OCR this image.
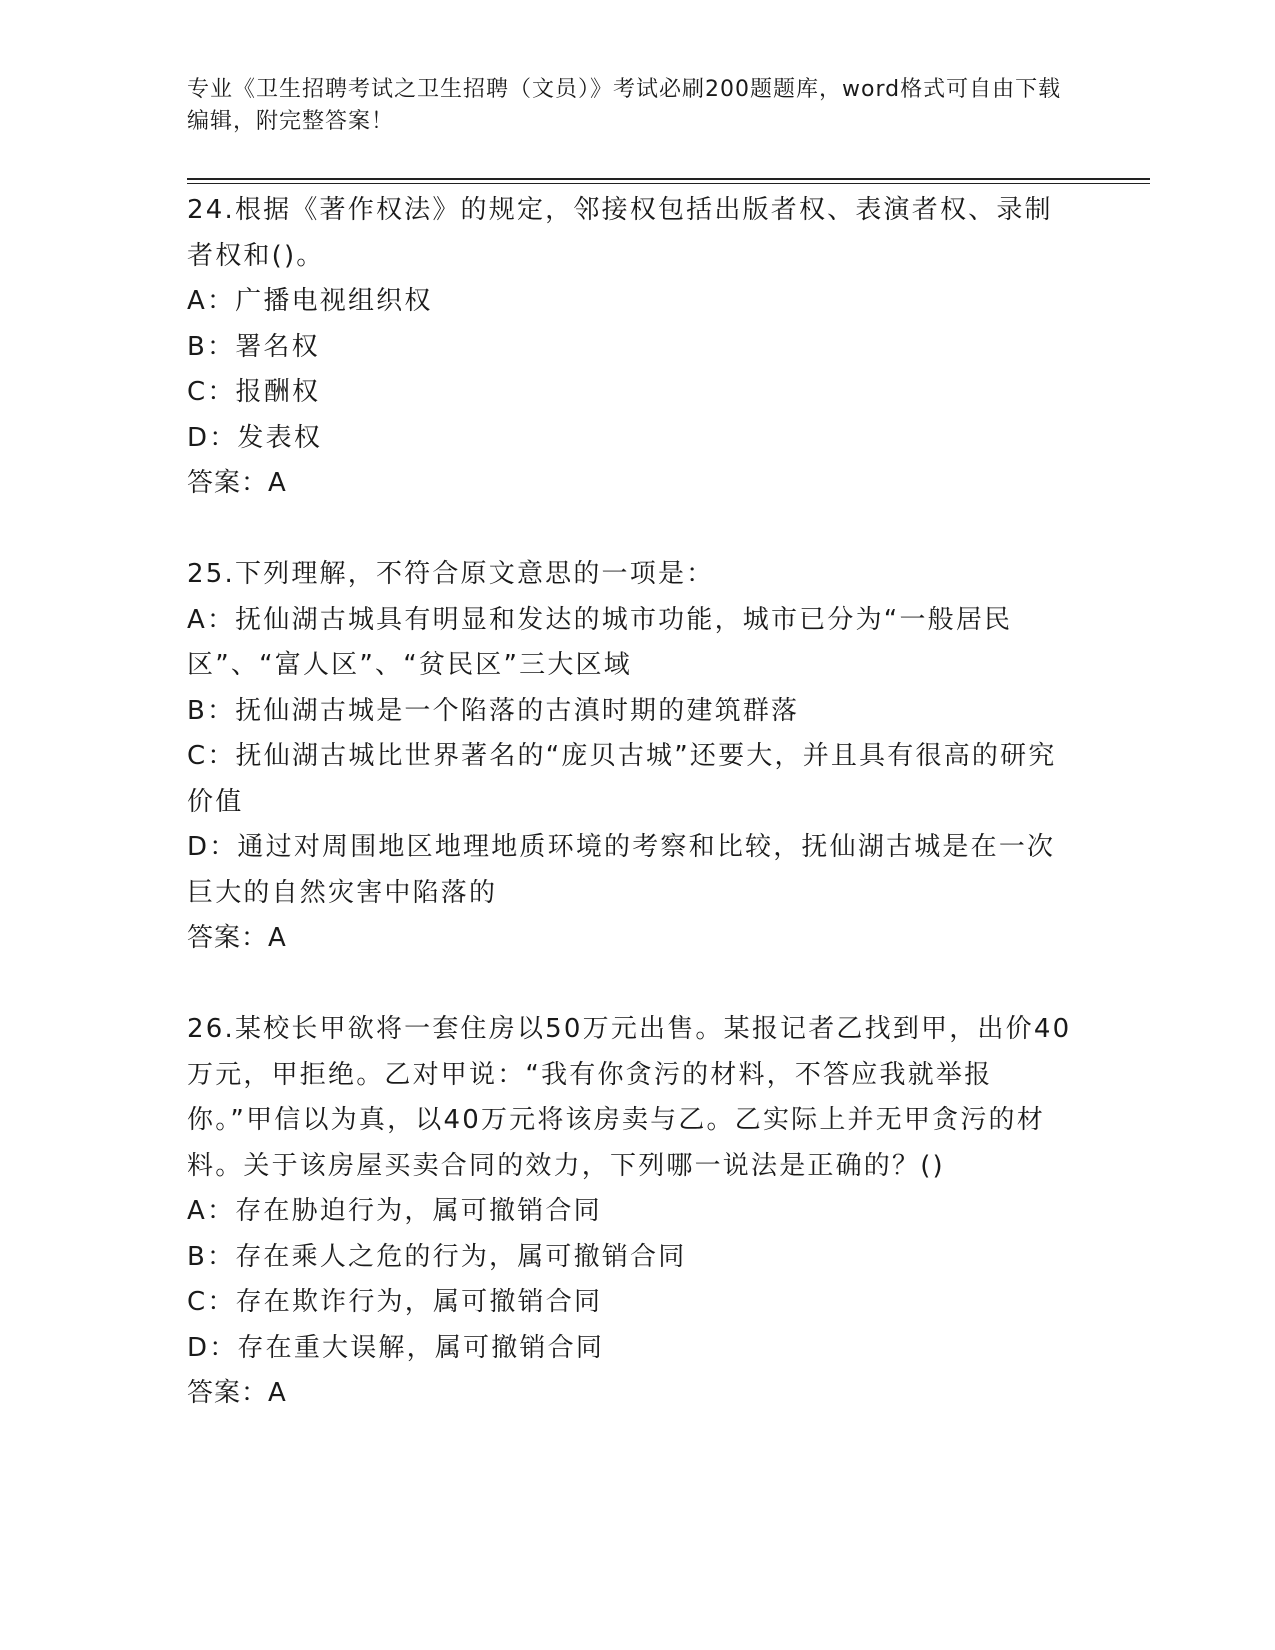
专业《卫生招聘考试之卫生招聘（文员）》考试必刷200题题库，word格式可自由下载编辑，附完整答案！
24.根据《著作权法》的规定，邻接权包括出版者权、表演者权、录制者权和()。
A：广播电视组织权
B：署名权
C：报酬权
D：发表权
答案：A
25.下列理解，不符合原文意思的一项是：
A：抚仙湖古城具有明显和发达的城市功能，城市已分为“一般居民区”、“富人区”、“贫民区”三大区域
B：抚仙湖古城是一个陷落的古滇时期的建筑群落
C：抚仙湖古城比世界著名的“庞贝古城”还要大，并且具有很高的研究价值
D：通过对周围地区地理地质环境的考察和比较，抚仙湖古城是在一次巨大的自然灾害中陷落的
答案：A
26.某校长甲欲将一套住房以50万元出售。某报记者乙找到甲，出价40万元，甲拒绝。乙对甲说：“我有你贪污的材料，不答应我就举报你。”甲信以为真，以40万元将该房卖与乙。乙实际上并无甲贪污的材料。关于该房屋买卖合同的效力，下列哪一说法是正确的？()
A：存在胁迫行为，属可撤销合同
B：存在乘人之危的行为，属可撤销合同
C：存在欺诈行为，属可撤销合同
D：存在重大误解，属可撤销合同
答案：A
